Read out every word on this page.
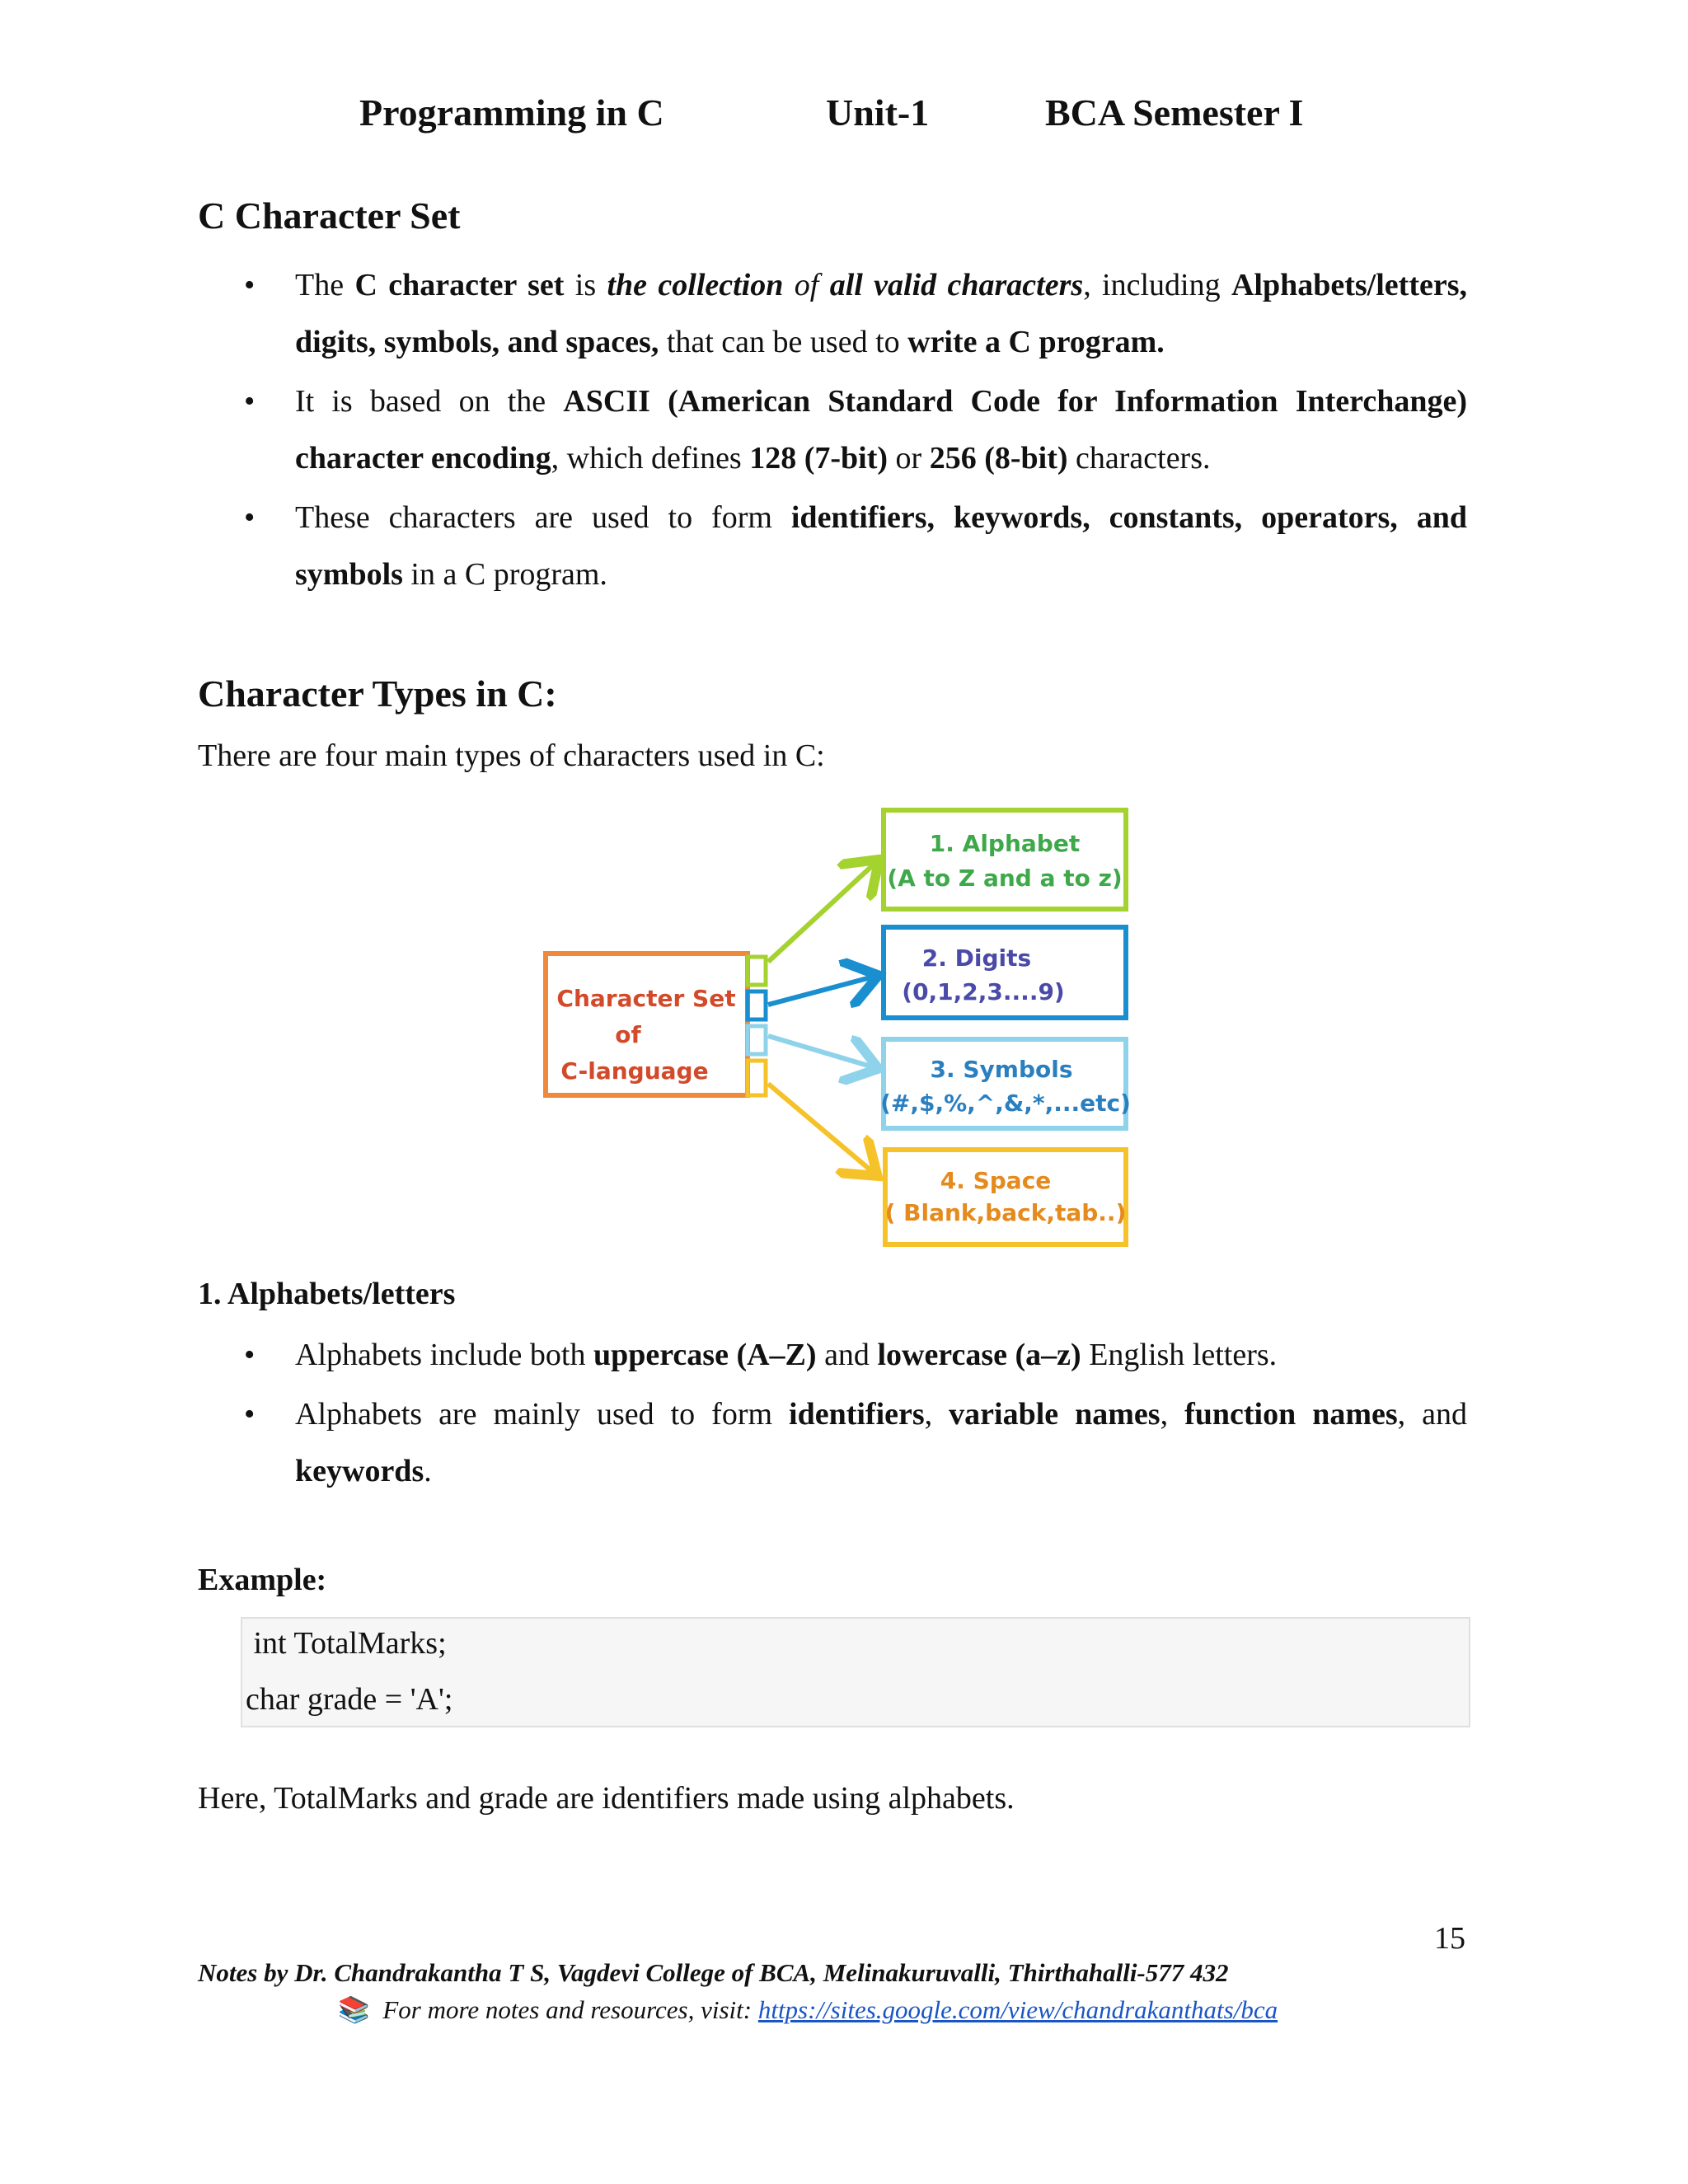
Programming in C	Unit-1	BCA Semester I
C Character Set
• The C character set is the collection of all valid characters, including Alphabets/letters, digits, symbols, and spaces, that can be used to write a C program.
• It is based on the ASCII (American Standard Code for Information Interchange) character encoding, which defines 128 (7-bit) or 256 (8-bit) characters.
• These characters are used to form identifiers, keywords, constants, operators, and symbols in a C program.
Character Types in C:

There are four main types of characters used in C:

Character Set
of
C-language
1. Alphabet
(A to Z and a to z)
2. Digits
(0,1,2,3....9)
3. Symbols
(#,$,%,^,&,*,...etc)
4. Space
( Blank,back,tab..)
1. Alphabets/letters
• Alphabets include both uppercase (A–Z) and lowercase (a–z) English letters.
• Alphabets are mainly used to form identifiers, variable names, function names, and keywords.
Example:
int TotalMarks;
char grade = 'A';

Here, TotalMarks and grade are identifiers made using alphabets.

15
Notes by Dr. Chandrakantha T S, Vagdevi College of BCA, Melinakuruvalli, Thirthahalli-577 432
📚 For more notes and resources, visit: https://sites.google.com/view/chandrakanthats/bca
